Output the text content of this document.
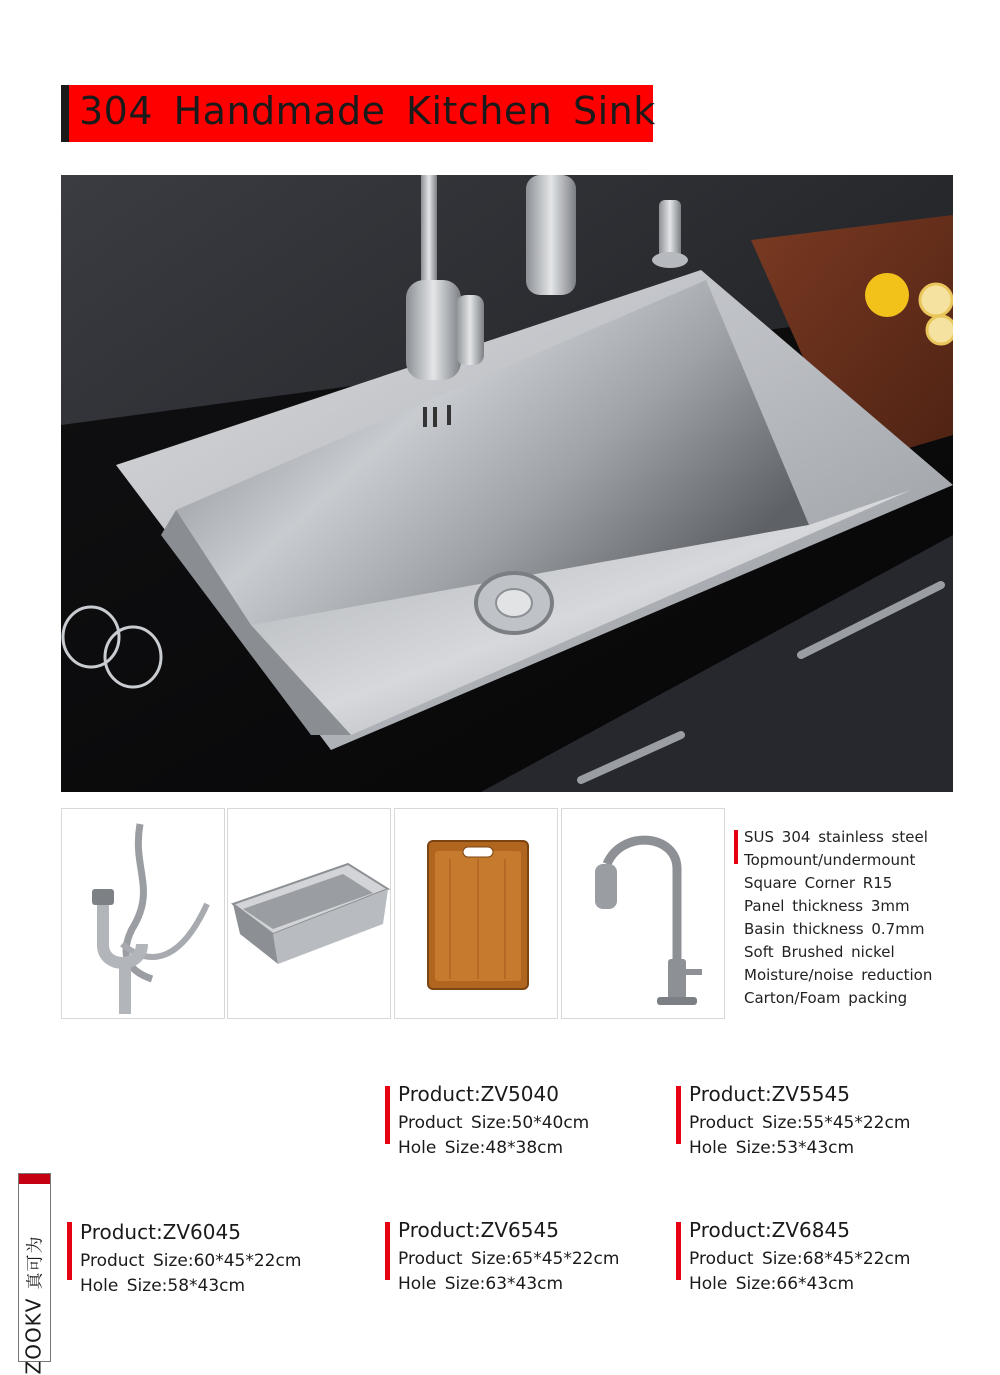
304 Handmade Kitchen Sink
SUS 304 stainless steel
Topmount/undermount
Square Corner R15
Panel thickness 3mm
Basin thickness 0.7mm
Soft Brushed nickel
Moisture/noise reduction
Carton/Foam packing
Product:ZV5040
Product Size:50*40cm
Hole Size:48*38cm
Product:ZV5545
Product Size:55*45*22cm
Hole Size:53*43cm
Product:ZV6045
Product Size:60*45*22cm
Hole Size:58*43cm
Product:ZV6545
Product Size:65*45*22cm
Hole Size:63*43cm
Product:ZV6845
Product Size:68*45*22cm
Hole Size:66*43cm
ZOOKV真可为
